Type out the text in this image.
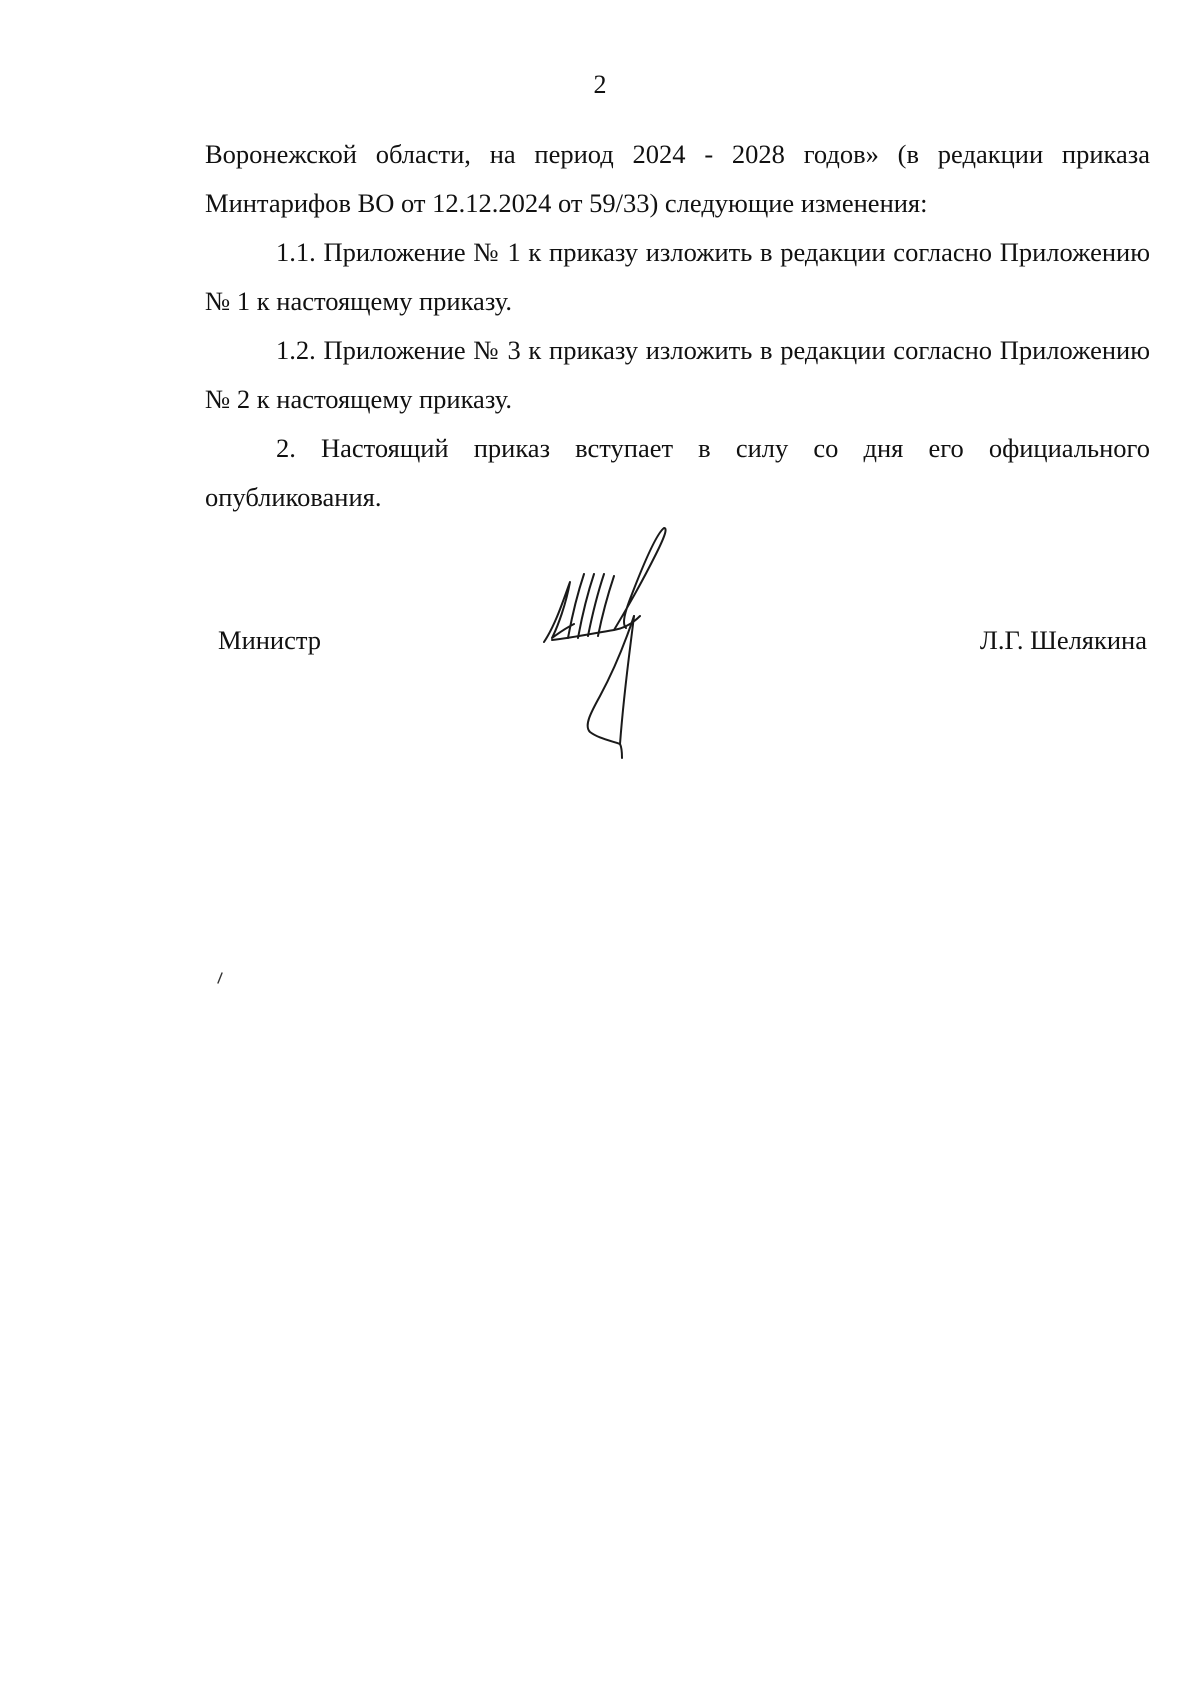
2

Воронежской области, на период 2024 - 2028 годов» (в редакции приказа Минтарифов ВО от 12.12.2024 от 59/33) следующие изменения:

1.1. Приложение № 1 к приказу изложить в редакции согласно Приложению № 1 к настоящему приказу.

1.2. Приложение № 3 к приказу изложить в редакции согласно Приложению № 2 к настоящему приказу.

2. Настоящий приказ вступает в силу со дня его официального опубликования.

Министр	Л.Г. Шелякина
